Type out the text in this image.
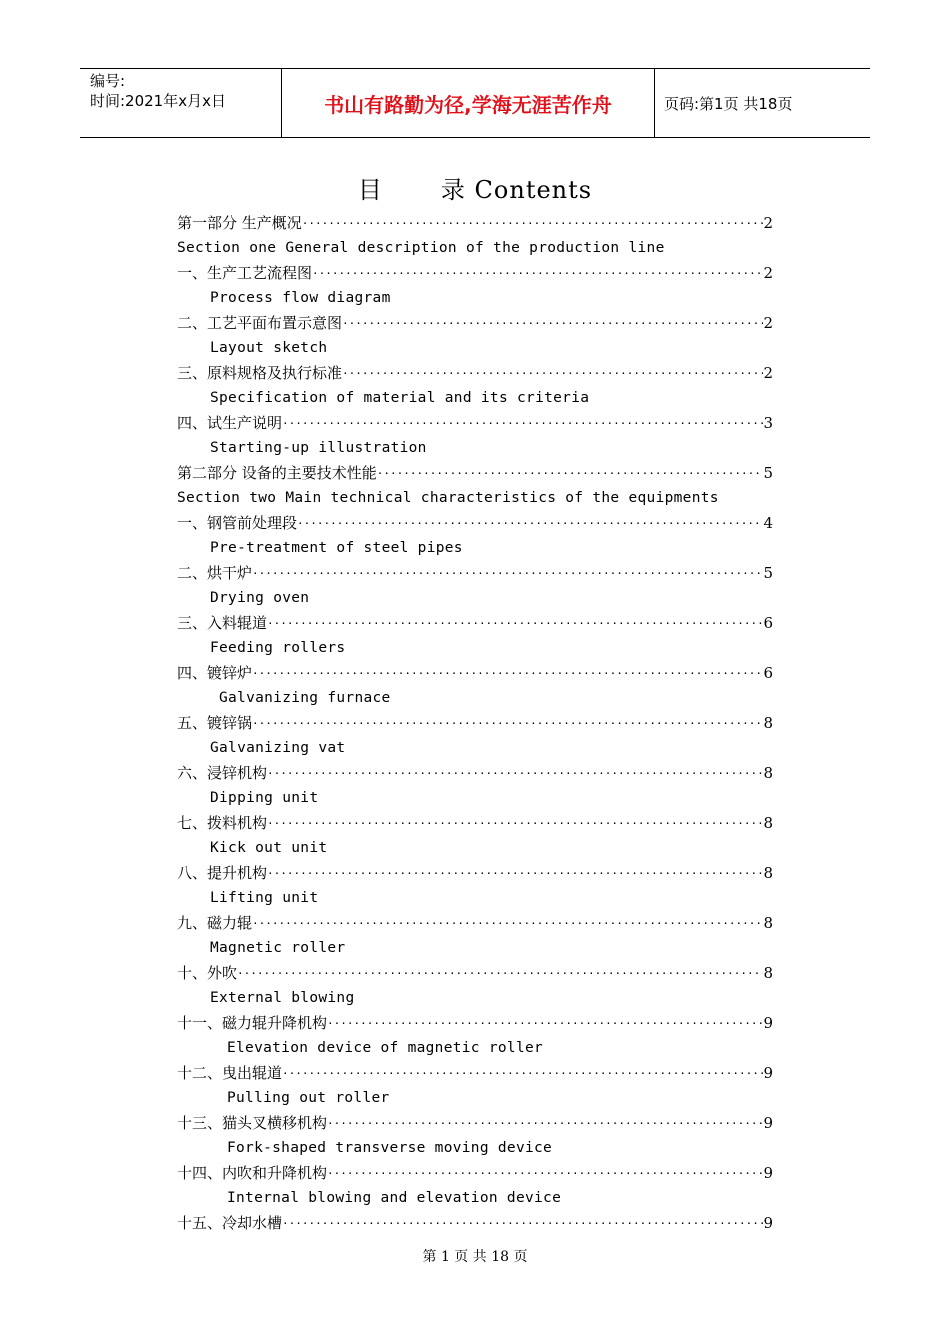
编号:
时间:2021年x月x日	书山有路勤为径,学海无涯苦作舟	页码:第1页 共18页
目 录 Contents
第一部分 生产概况 ·····	2
Section one General description of the production line
一、生产工艺流程图 ·····	2
Process flow diagram
二、工艺平面布置示意图 ·····	2
Layout sketch
三、原料规格及执行标准 ·····	2
Specification of material and its criteria
四、试生产说明 ·····	3
Starting-up illustration
第二部分 设备的主要技术性能 ·····	5
Section two Main technical characteristics of the equipments
一、钢管前处理段 ·····	4
Pre-treatment of steel pipes
二、烘干炉 ·····	5
Drying oven
三、入料辊道 ·····	6
Feeding rollers
四、镀锌炉 ·····	6
Galvanizing furnace
五、镀锌锅 ·····	8
Galvanizing vat
六、浸锌机构 ·····	8
Dipping unit
七、拨料机构 ·····	8
Kick out unit
八、提升机构 ·····	8
Lifting unit
九、磁力辊 ·····	8
Magnetic roller
十、外吹 ·····	8
External blowing
十一、磁力辊升降机构 ·····	9
Elevation device of magnetic roller
十二、曳出辊道 ·····	9
Pulling out roller
十三、猫头叉横移机构 ·····	9
Fork-shaped transverse moving device
十四、内吹和升降机构 ·····	9
Internal blowing and elevation device
十五、冷却水槽 ·····	9
第 1 页 共 18 页
